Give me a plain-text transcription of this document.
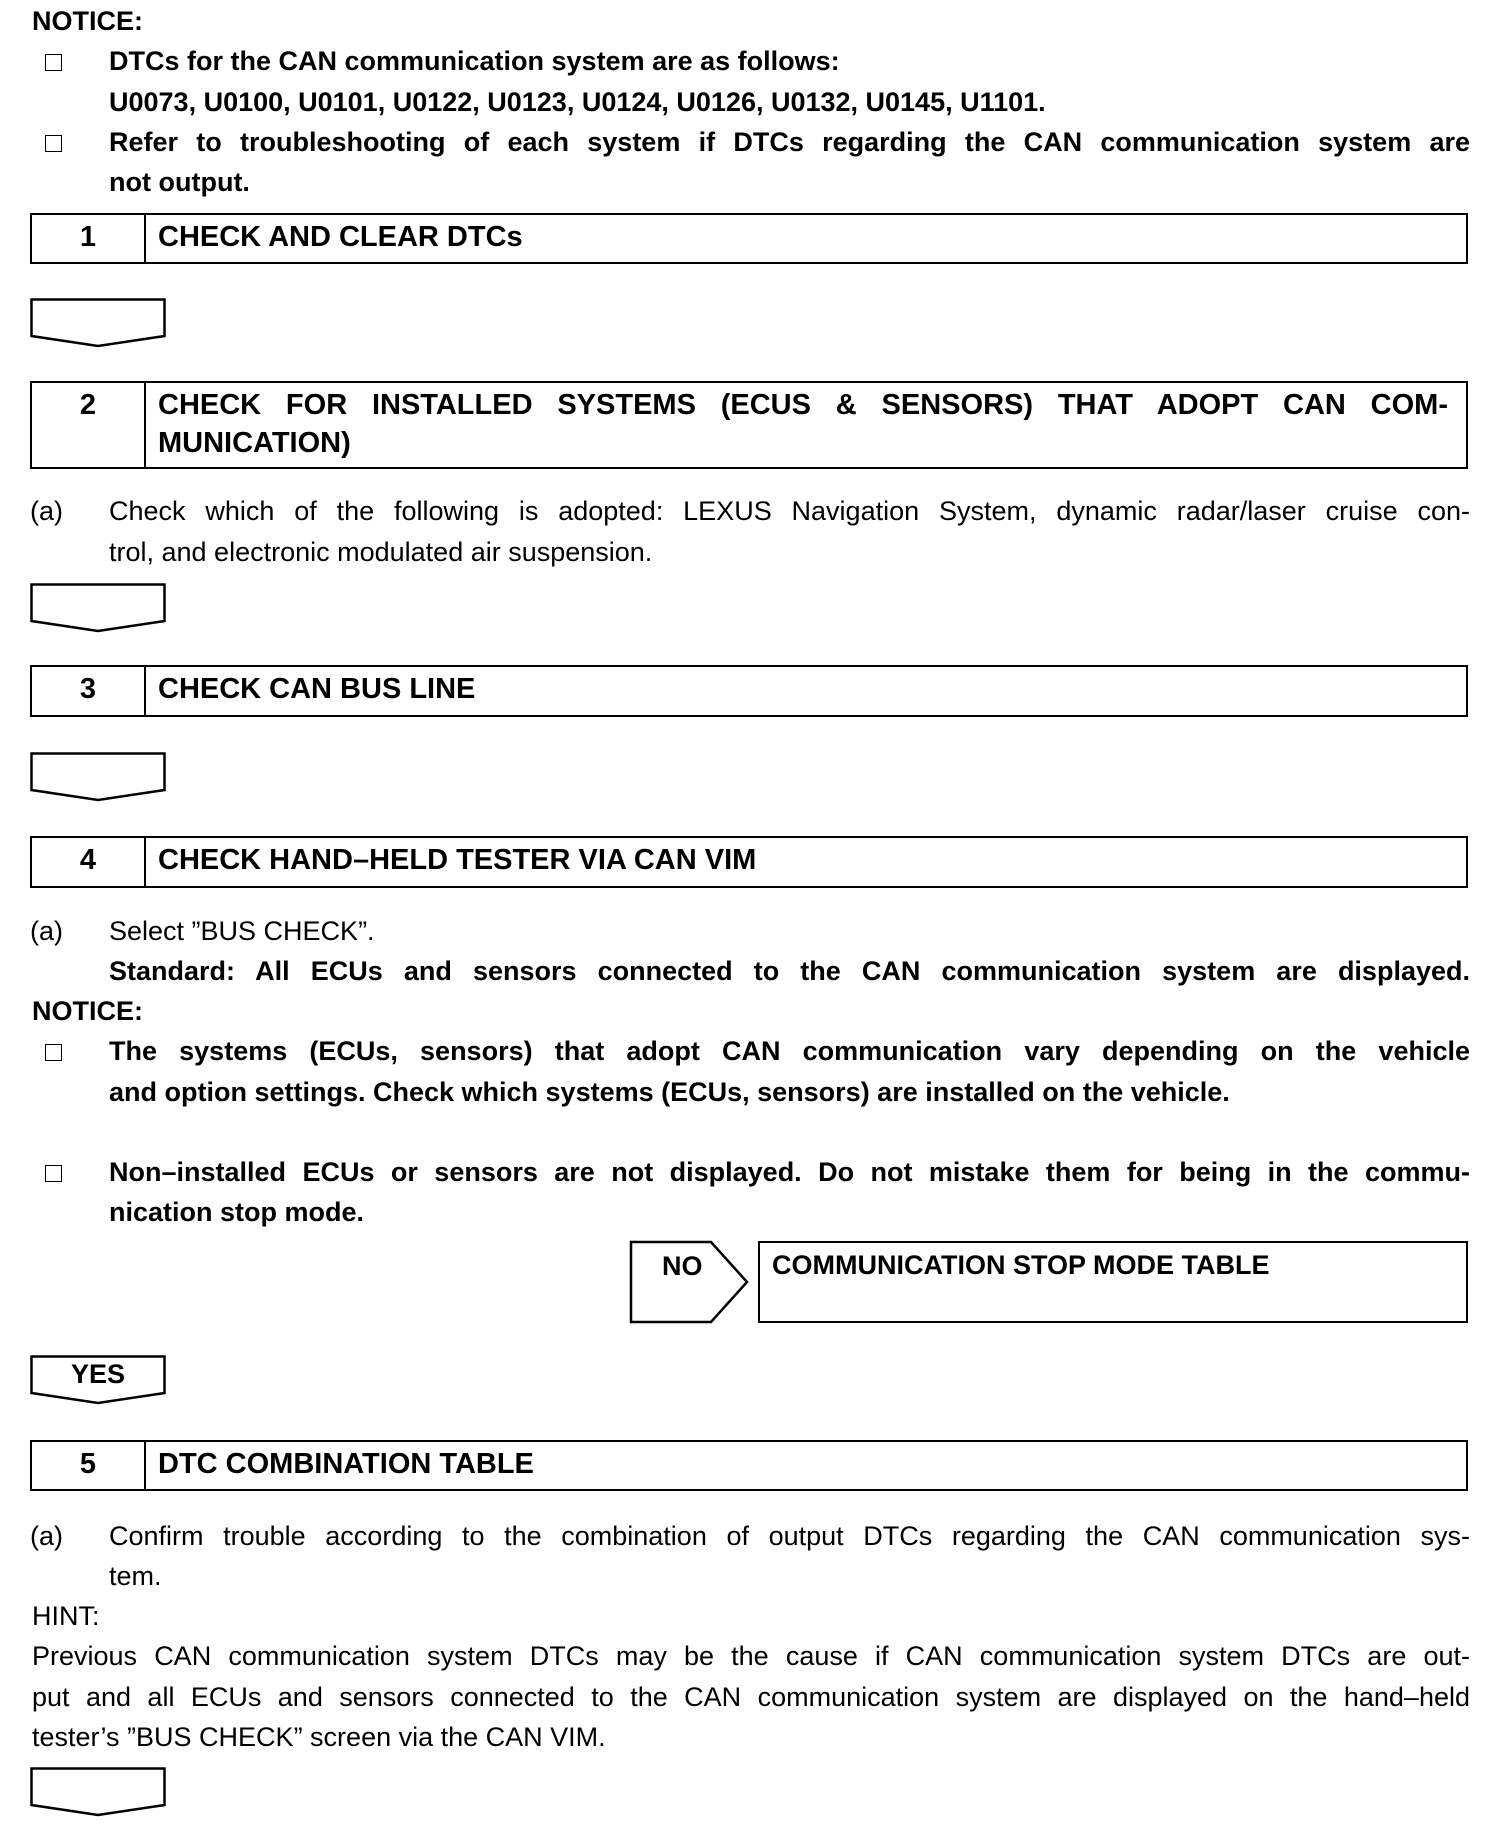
NOTICE:
DTCs for the CAN communication system are as follows:
U0073, U0100, U0101, U0122, U0123, U0124, U0126, U0132, U0145, U1101.
Refer to troubleshooting of each system if DTCs regarding the CAN communication system are
not output.
1	CHECK AND CLEAR DTCs
2	CHECK FOR INSTALLED SYSTEMS (ECUS & SENSORS) THAT ADOPT CAN COM-
MUNICATION)
(a) Check which of the following is adopted: LEXUS Navigation System, dynamic radar/laser cruise con-
trol, and electronic modulated air suspension.
3	CHECK CAN BUS LINE
4	CHECK HAND–HELD TESTER VIA CAN VIM
(a) Select ”BUS CHECK”.
Standard: All ECUs and sensors connected to the CAN communication system are displayed.
NOTICE:
The systems (ECUs, sensors) that adopt CAN communication vary depending on the vehicle
and option settings. Check which systems (ECUs, sensors) are installed on the vehicle.
Non–installed ECUs or sensors are not displayed. Do not mistake them for being in the commu-
nication stop mode.
NO	COMMUNICATION STOP MODE TABLE
YES
5	DTC COMBINATION TABLE
(a) Confirm trouble according to the combination of output DTCs regarding the CAN communication sys-
tem.
HINT:
Previous CAN communication system DTCs may be the cause if CAN communication system DTCs are out-
put and all ECUs and sensors connected to the CAN communication system are displayed on the hand–held
tester’s ”BUS CHECK” screen via the CAN VIM.
